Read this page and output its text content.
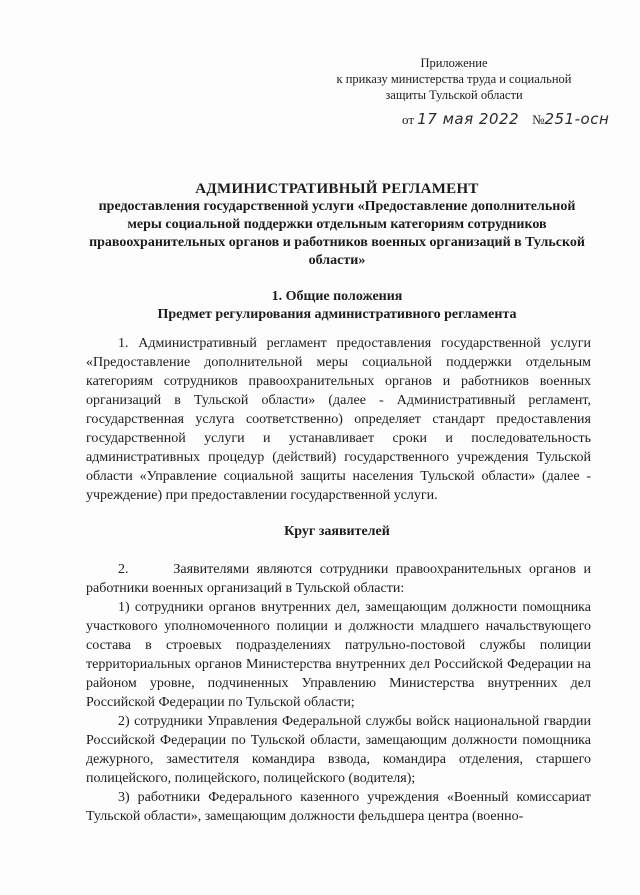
Приложение
к приказу министерства труда и социальной
защиты Тульской области
от 17 мая 2022 №251-осн
АДМИНИСТРАТИВНЫЙ РЕГЛАМЕНТ
предоставления государственной услуги «Предоставление дополнительной меры социальной поддержки отдельным категориям сотрудников правоохранительных органов и работников военных организаций в Тульской области»
1. Общие положения
Предмет регулирования административного регламента

1. Административный регламент предоставления государственной услуги «Предоставление дополнительной меры социальной поддержки отдельным категориям сотрудников правоохранительных органов и работников военных организаций в Тульской области» (далее - Административный регламент, государственная услуга соответственно) определяет стандарт предоставления государственной услуги и устанавливает сроки и последовательность административных процедур (действий) государственного учреждения Тульской области «Управление социальной защиты населения Тульской области» (далее - учреждение) при предоставлении государственной услуги.

Круг заявителей

2.      Заявителями являются сотрудники правоохранительных органов и работники военных организаций в Тульской области:

1) сотрудники органов внутренних дел, замещающим должности помощника участкового уполномоченного полиции и должности младшего начальствующего состава в строевых подразделениях патрульно-постовой службы полиции территориальных органов Министерства внутренних дел Российской Федерации на районом уровне, подчиненных Управлению Министерства внутренних дел Российской Федерации по Тульской области;

2) сотрудники Управления Федеральной службы войск национальной гвардии Российской Федерации по Тульской области, замещающим должности помощника дежурного, заместителя командира взвода, командира отделения, старшего полицейского, полицейского, полицейского (водителя);

3) работники Федерального казенного учреждения «Военный комиссариат Тульской области», замещающим должности фельдшера центра (военно-
